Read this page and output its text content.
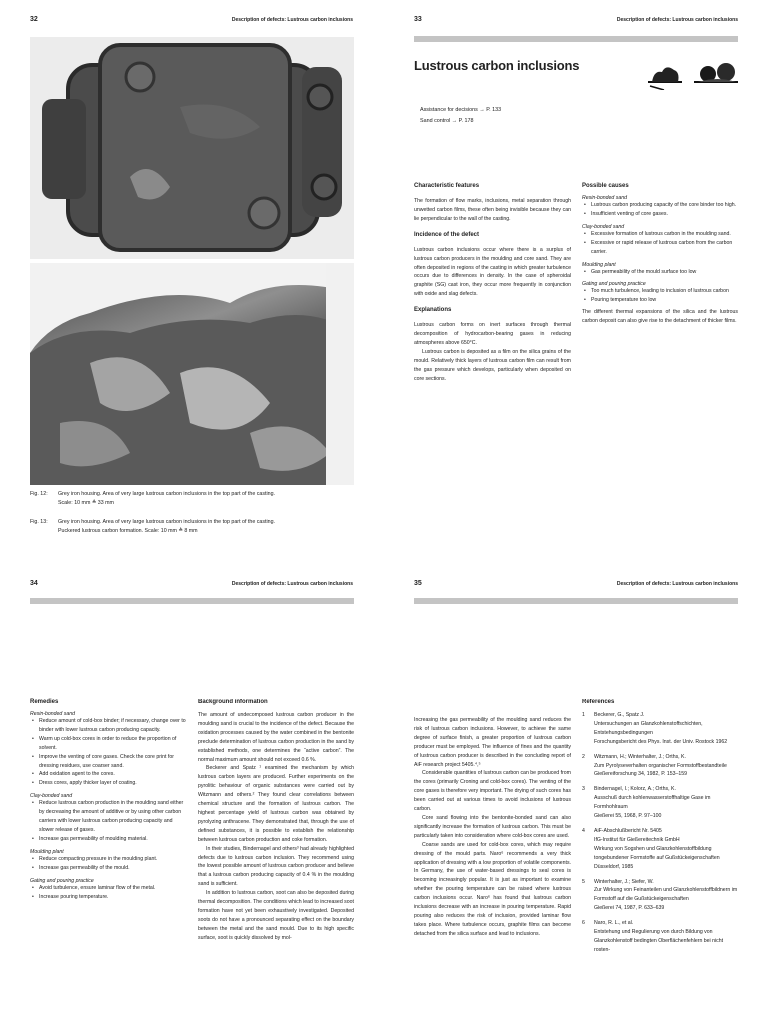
32	Description of defects: Lustrous carbon inclusions
Fig. 12: Grey iron housing. Area of very large lustrous carbon inclusions in the top part of the casting.
Scale: 10 mm ≙ 33 mm
Fig. 13: Grey iron housing. Area of very large lustrous carbon inclusions in the top part of the casting.
Puckered lustrous carbon formation. Scale: 10 mm ≙ 8 mm
33	Description of defects: Lustrous carbon inclusions
Lustrous carbon inclusions
Assistance for decisions → P. 133
Sand control → P. 178
Characteristic features

The formation of flow marks, inclusions, metal separation through unwetted carbon films, these often being invisible because they can lie perpendicular to the wall of the casting.

Incidence of the defect

Lustrous carbon inclusions occur where there is a surplus of lustrous carbon producers in the moulding and core sand. They are often deposited in regions of the casting in which greater turbulence occurs due to differences in density. In the case of spheroidal graphite (SG) cast iron, they occur more frequently in conjunction with oxide and slag defects.

Explanations

Lustrous carbon forms on inert surfaces through thermal decomposition of hydrocarbon-bearing gases in reducing atmospheres above 650°C.

Lustrous carbon is deposited as a film on the silica grains of the mould. Relatively thick layers of lustrous carbon film can result from the gas pressure which develops, particularly when deposited on core sections.

Possible causes
Resin-bonded sand
• Lustrous carbon producing capacity of the core binder too high.
• Insufficient venting of core gases.
Clay-bonded sand
• Excessive formation of lustrous carbon in the moulding sand.
• Excessive or rapid release of lustrous carbon from the carbon carrier.
Moulding plant
• Gas permeability of the mould surface too low
Gating and pouring practice
• Too much turbulence, leading to inclusion of lustrous carbon
• Pouring temperature too low

The different thermal expansions of the silica and the lustrous carbon deposit can also give rise to the detachment of thicker films.

34	Description of defects: Lustrous carbon inclusions
Remedies
Resin-bonded sand
• Reduce amount of cold-box binder; if necessary, change over to binder with lower lustrous carbon producing capacity.
• Warm up cold-box cores in order to reduce the proportion of solvent.
• Improve the venting of core gases. Check the core print for dressing residues, use coarser sand.
• Add oxidation agent to the cores.
• Dress cores, apply thicker layer of coating.
Clay-bonded sand
• Reduce lustrous carbon production in the moulding sand either by decreasing the amount of additive or by using other carbon carriers with lower lustrous carbon producing capacity and slower release of gases.
• Increase gas permeability of moulding material.
Moulding plant
• Reduce compacting pressure in the moulding plant.
• Increase gas permeability of the mould.
Gating and pouring practice
• Avoid turbulence, ensure laminar flow of the metal.
• Increase pouring temperature.
Background information

The amount of undecomposed lustrous carbon producer in the moulding sand is crucial to the incidence of the defect. Because the oxidation processes caused by the water combined in the bentonite preclude determination of lustrous carbon production in the sand by established methods, one determines the “active carbon”. The normal maximum amount should not exceed 0.6 %.

Beckerer and Spatz ¹ examined the mechanism by which lustrous carbon layers are produced. Further experiments on the pyrolitic behaviour of organic substances were carried out by Witzmann and others.² They found clear correlations between chemical structure and the formation of lustrous carbon. The highest percentage yield of lustrous carbon was obtained by pyrolyzing anthracene. They demonstrated that, through the use of defined substances, it is possible to establish the relationship between lustrous carbon production and coke formation.

In their studies, Bindernagel and others³ had already highlighted defects due to lustrous carbon inclusion. They recommend using the lowest possible amount of lustrous carbon producer and believe that a lustrous carbon producing capacity of 0.4 % in the moulding sand is sufficient.

In addition to lustrous carbon, soot can also be deposited during thermal decomposition. The conditions which lead to increased soot formation have not yet been exhaustively investigated. Deposited soots do not have a pronounced separating effect on the boundary between the metal and the sand mould. Due to its high specific surface, soot is quickly dissolved by mol-

35	Description of defects: Lustrous carbon inclusions

Increasing the gas permeability of the moulding sand reduces the risk of lustrous carbon inclusions. However, to achieve the same degree of surface finish, a greater proportion of lustrous carbon producer must be employed. The influence of fines and the quantity of lustrous carbon producer is described in the concluding report of AiF research project 5405.⁴,⁵

Considerable quantities of lustrous carbon can be produced from the cores (primarily Croning and cold-box cores). The venting of the core gases is therefore very important. The drying of such cores has been carried out at various times to avoid inclusions of lustrous carbon.

Core sand flowing into the bentonite-bonded sand can also significantly increase the formation of lustrous carbon. This must be particularly taken into consideration where cold-box cores are used.

Coarse sands are used for cold-box cores, which may require dressing of the mould parts. Naro⁶ recommends a very thick application of dressing with a low proportion of volatile components. In Germany, the use of water-based dressings to seal cores is becoming increasingly popular. It is just as important to examine whether the pouring temperature can be raised where lustrous carbon inclusions occur. Naro⁶ has found that lustrous carbon inclusions decrease with an increase in pouring temperature. Rapid pouring also reduces the risk of inclusion, provided laminar flow takes place. Where turbulence occurs, graphite films can become detached from the silica surface and lead to inclusions.

References
1 Beckerer, G., Spatz J.
Untersuchungen an Glanzkohlenstoffschichten, Entstehungsbedingungen
Forschungsbericht des Phys. Inst. der Univ. Rostock 1962
2 Witzmann, H.; Winterhalter, J.; Orths, K.
Zum Pyrolyseverhalten organischer Formstoffbestandteile
Gießereiforschung 34, 1982, P. 153–159
3 Bindernagel, I.; Kolorz, A.; Orths, K.
Ausschuß durch kohlenwasserstoffhaltige Gase im Formhohlraum
Gießerei 55, 1968, P. 97–100
4 AiF-Abschlußbericht Nr. 5405
IfG-Institut für Gießereitechnik GmbH
Wirkung von Sogshen und Glanzkohlenstoffbildung tongebundener Formstoffe auf Gußstückeigenschaften
Düsseldorf, 1985
5 Winterhalter, J.; Siefer, W.
Zur Wirkung von Feinanteilen und Glanzkohlenstoffbildnern im Formstoff auf die Gußstückeigenschaften
Gießerei 74, 1987, P. 633–639
6 Naro, R. L., et al.
Entstehung und Regulierung von durch Bildung von Glanzkohlenstoff bedingten Oberflächenfehlern bei nicht rosten-
